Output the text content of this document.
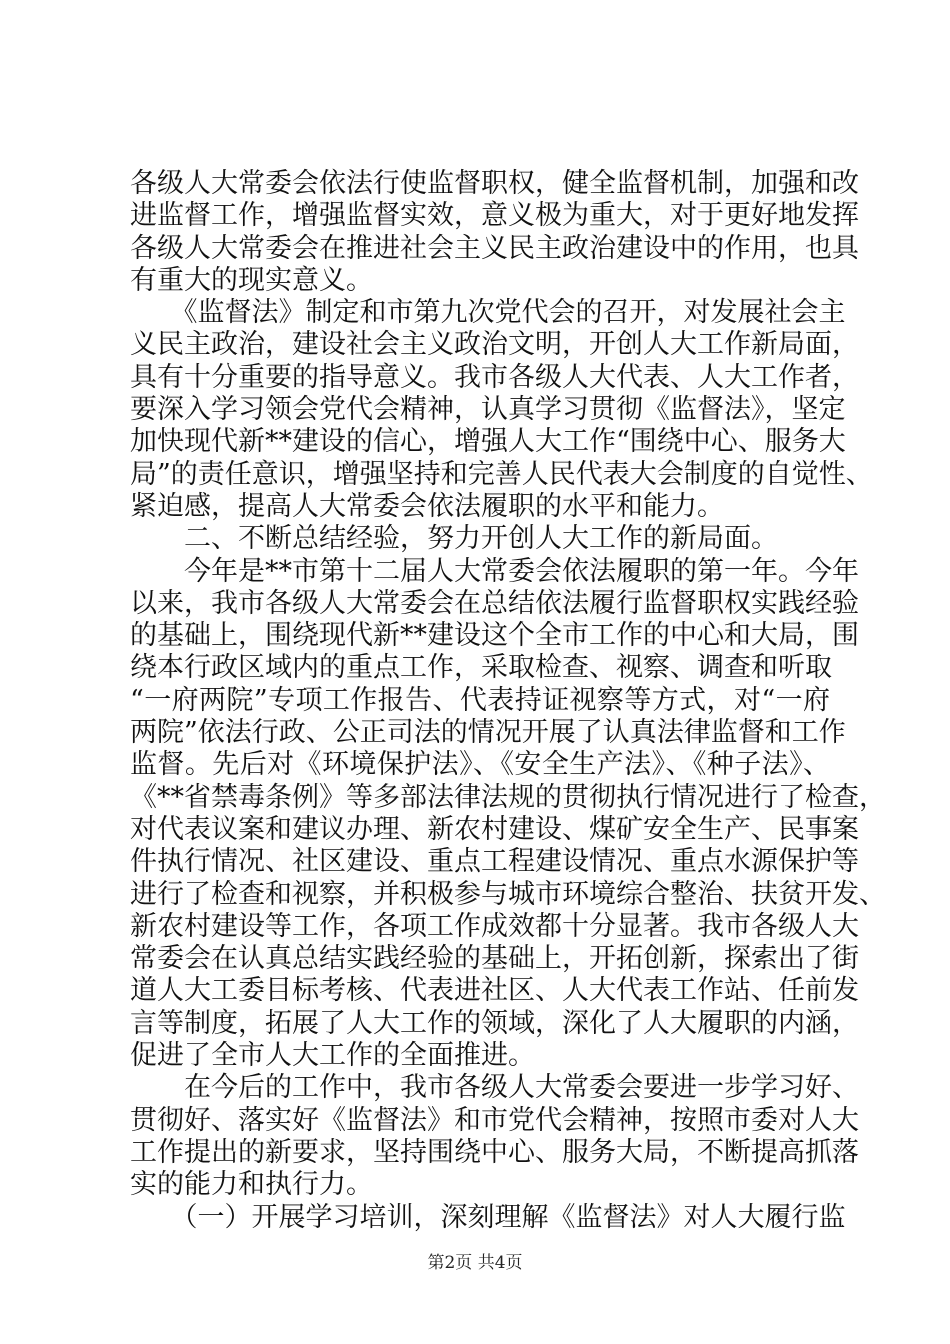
各级人大常委会依法行使监督职权，健全监督机制，加强和改
进监督工作，增强监督实效，意义极为重大，对于更好地发挥
各级人大常委会在推进社会主义民主政治建设中的作用，也具
有重大的现实意义。
　　《监督法》制定和市第九次党代会的召开，对发展社会主
义民主政治，建设社会主义政治文明，开创人大工作新局面，
具有十分重要的指导意义。我市各级人大代表、人大工作者，
要深入学习领会党代会精神，认真学习贯彻《监督法》，坚定
加快现代新**建设的信心，增强人大工作“围绕中心、服务大
局”的责任意识，增强坚持和完善人民代表大会制度的自觉性、
紧迫感，提高人大常委会依法履职的水平和能力。
　　二、不断总结经验，努力开创人大工作的新局面。
　　今年是**市第十二届人大常委会依法履职的第一年。今年
以来，我市各级人大常委会在总结依法履行监督职权实践经验
的基础上，围绕现代新**建设这个全市工作的中心和大局，围
绕本行政区域内的重点工作，采取检查、视察、调查和听取
“一府两院”专项工作报告、代表持证视察等方式，对“一府
两院”依法行政、公正司法的情况开展了认真法律监督和工作
监督。先后对《环境保护法》、《安全生产法》、《种子法》、
《**省禁毒条例》等多部法律法规的贯彻执行情况进行了检查，
对代表议案和建议办理、新农村建设、煤矿安全生产、民事案
件执行情况、社区建设、重点工程建设情况、重点水源保护等
进行了检查和视察，并积极参与城市环境综合整治、扶贫开发、
新农村建设等工作，各项工作成效都十分显著。我市各级人大
常委会在认真总结实践经验的基础上，开拓创新，探索出了街
道人大工委目标考核、代表进社区、人大代表工作站、任前发
言等制度，拓展了人大工作的领域，深化了人大履职的内涵，
促进了全市人大工作的全面推进。
　　在今后的工作中，我市各级人大常委会要进一步学习好、
贯彻好、落实好《监督法》和市党代会精神，按照市委对人大
工作提出的新要求，坚持围绕中心、服务大局，不断提高抓落
实的能力和执行力。
　　（一）开展学习培训，深刻理解《监督法》对人大履行监
第2页 共4页
